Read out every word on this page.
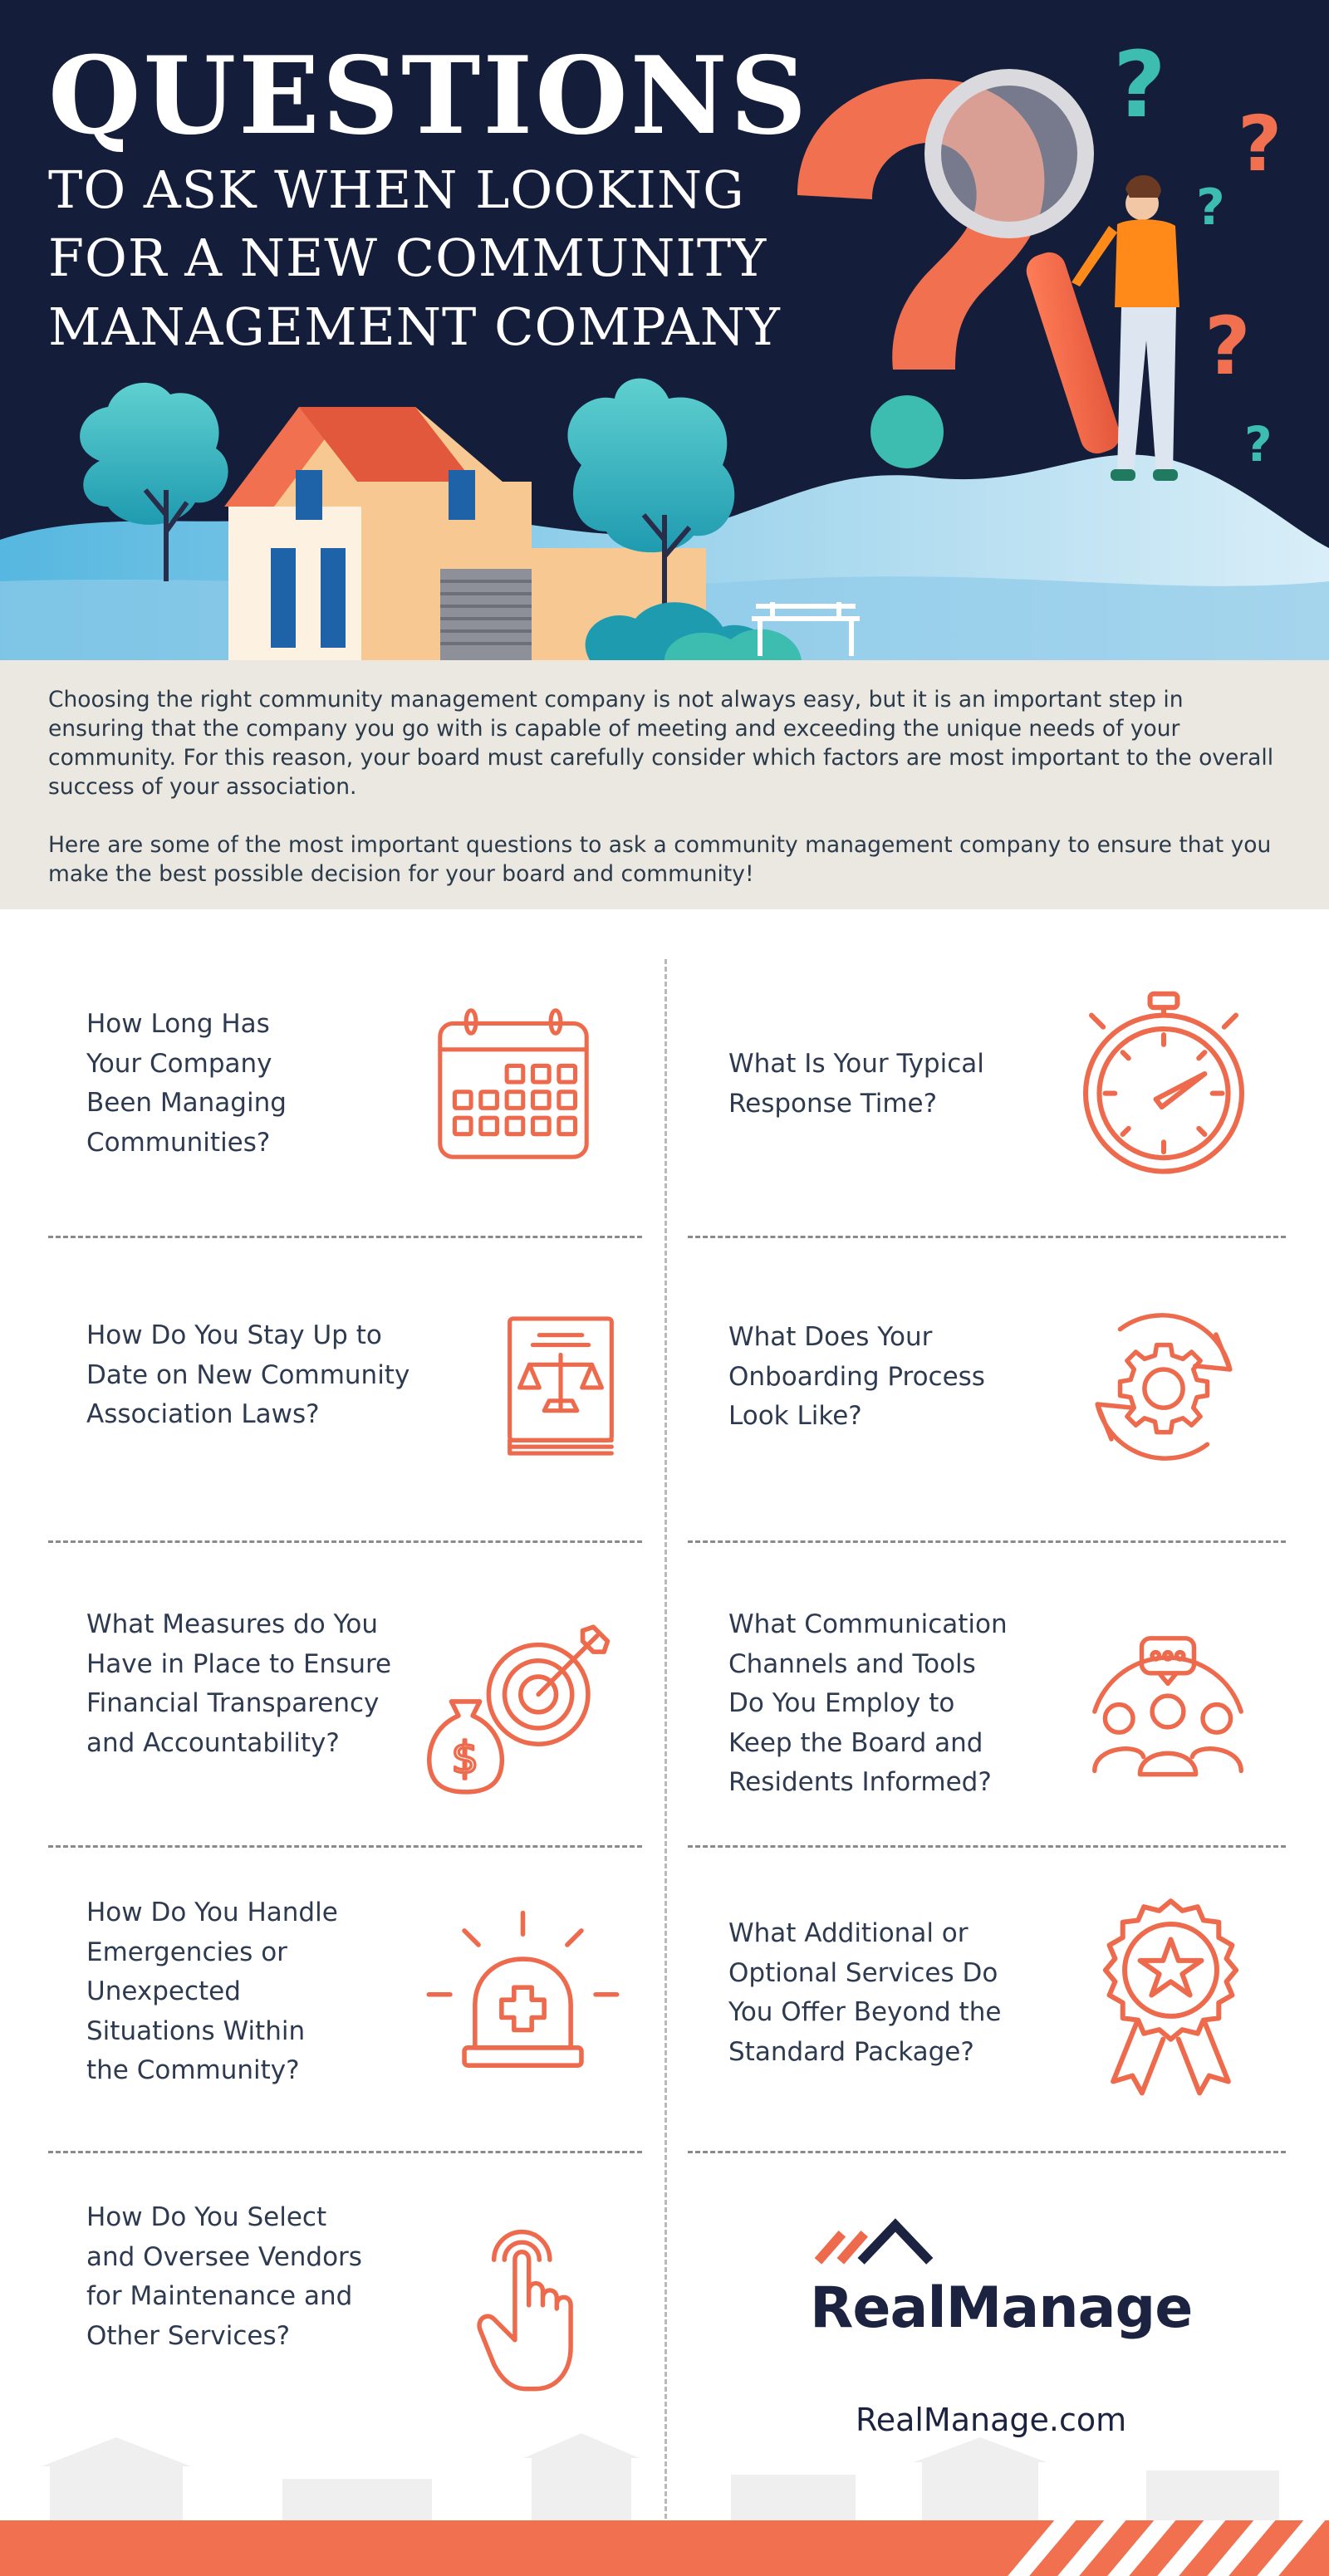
?
?
?
?
?
QUESTIONS
TO ASK WHEN LOOKING
FOR A NEW COMMUNITY
MANAGEMENT COMPANY

Choosing the right community management company is not always easy, but it is an important step in ensuring that the company you go with is capable of meeting and exceeding the unique needs of your community. For this reason, your board must carefully consider which factors are most important to the overall success of your association.

Here are some of the most important questions to ask a community management company to ensure that you make the best possible decision for your board and community!

How Long Has
Your Company
Been Managing
Communities?
What Is Your Typical
Response Time?
How Do You Stay Up to
Date on New Community
Association Laws?
What Does Your
Onboarding Process
Look Like?
What Measures do You
Have in Place to Ensure
Financial Transparency
and Accountability?	$
What Communication
Channels and Tools
Do You Employ to
Keep the Board and
Residents Informed?
How Do You Handle
Emergencies or
Unexpected
Situations Within
the Community?
What Additional or
Optional Services Do
You Offer Beyond the
Standard Package?
How Do You Select
and Oversee Vendors
for Maintenance and
Other Services?	RealManage
RealManage.com
